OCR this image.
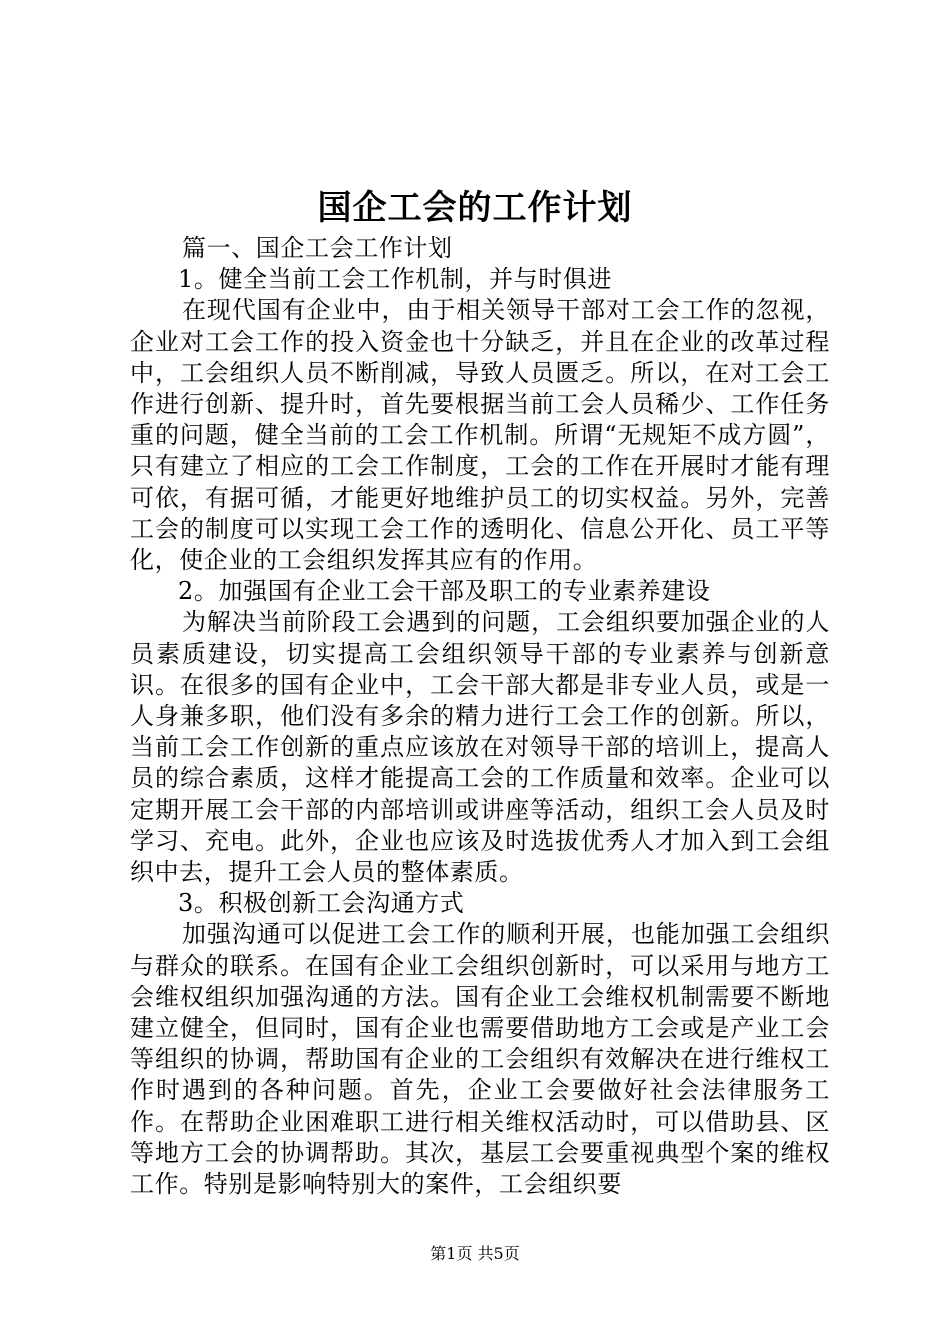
国企工会的工作计划

篇一、国企工会工作计划

1。健全当前工会工作机制，并与时俱进

在现代国有企业中，由于相关领导干部对工会工作的忽视，企业对工会工作的投入资金也十分缺乏，并且在企业的改革过程中，工会组织人员不断削减，导致人员匮乏。所以，在对工会工作进行创新、提升时，首先要根据当前工会人员稀少、工作任务重的问题，健全当前的工会工作机制。所谓“无规矩不成方圆”，只有建立了相应的工会工作制度，工会的工作在开展时才能有理可依，有据可循，才能更好地维护员工的切实权益。另外，完善工会的制度可以实现工会工作的透明化、信息公开化、员工平等化，使企业的工会组织发挥其应有的作用。

2。加强国有企业工会干部及职工的专业素养建设

为解决当前阶段工会遇到的问题，工会组织要加强企业的人员素质建设，切实提高工会组织领导干部的专业素养与创新意识。在很多的国有企业中，工会干部大都是非专业人员，或是一人身兼多职，他们没有多余的精力进行工会工作的创新。所以，当前工会工作创新的重点应该放在对领导干部的培训上，提高人员的综合素质，这样才能提高工会的工作质量和效率。企业可以定期开展工会干部的内部培训或讲座等活动，组织工会人员及时学习、充电。此外，企业也应该及时选拔优秀人才加入到工会组织中去，提升工会人员的整体素质。

3。积极创新工会沟通方式

加强沟通可以促进工会工作的顺利开展，也能加强工会组织与群众的联系。在国有企业工会组织创新时，可以采用与地方工会维权组织加强沟通的方法。国有企业工会维权机制需要不断地建立健全，但同时，国有企业也需要借助地方工会或是产业工会等组织的协调，帮助国有企业的工会组织有效解决在进行维权工作时遇到的各种问题。首先，企业工会要做好社会法律服务工作。在帮助企业困难职工进行相关维权活动时，可以借助县、区等地方工会的协调帮助。其次，基层工会要重视典型个案的维权工作。特别是影响特别大的案件，工会组织要

第1页 共5页
